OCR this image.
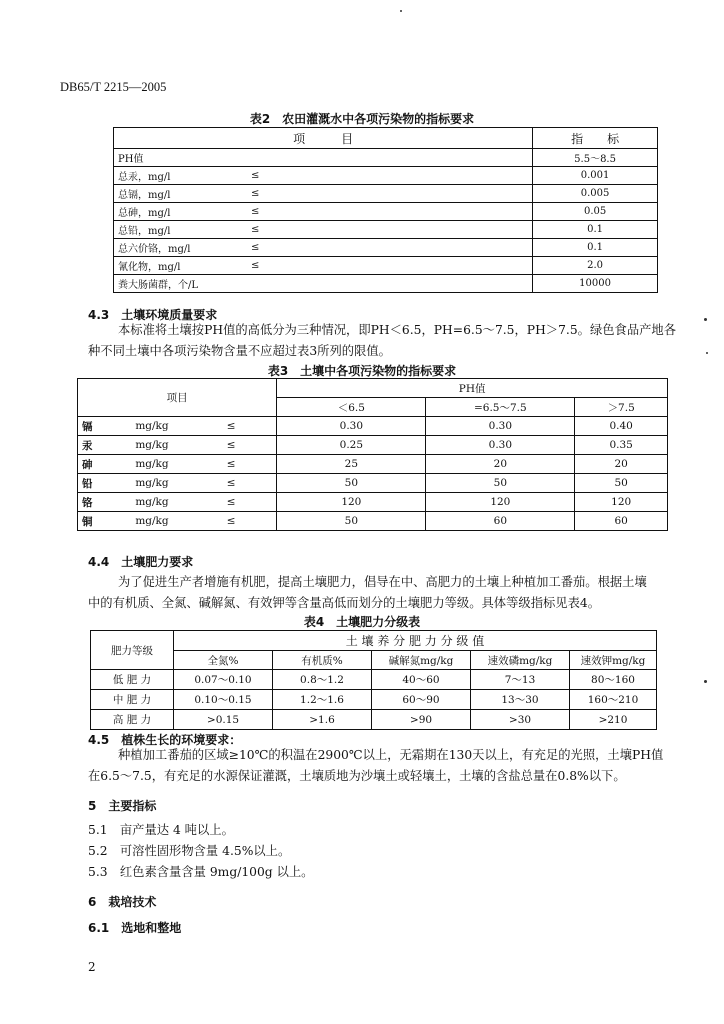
DB65/T 2215—2005
表2　农田灌溉水中各项污染物的指标要求
项　　　目		指　　标
PH值		5.5～8.5
总汞，mg/l	≤	0.001
总镉，mg/l	≤	0.005
总砷，mg/l	≤	0.05
总铅，mg/l	≤	0.1
总六价铬，mg/l	≤	0.1
氰化物，mg/l	≤	2.0
粪大肠菌群，个/L		10000
4.3　土壤环境质量要求
本标准将土壤按PH值的高低分为三种情况，即PH＜6.5，PH=6.5～7.5，PH＞7.5。绿色食品产地各
种不同土壤中各项污染物含量不应超过表3所列的限值。
表3　土壤中各项污染物的指标要求
项目			PH值		
			＜6.5	=6.5～7.5	＞7.5
镉	mg/kg	≤	0.30	0.30	0.40
汞	mg/kg	≤	0.25	0.30	0.35
砷	mg/kg	≤	25	20	20
铅	mg/kg	≤	50	50	50
铬	mg/kg	≤	120	120	120
铜	mg/kg	≤	50	60	60
4.4　土壤肥力要求
为了促进生产者增施有机肥，提高土壤肥力，倡导在中、高肥力的土壤上种植加工番茄。根据土壤
中的有机质、全氮、碱解氮、有效钾等含量高低而划分的土壤肥力等级。具体等级指标见表4。
表4　土壤肥力分级表
肥力等级	土 壤 养 分 肥 力 分 级 值				
	全氮%	有机质%	碱解氮mg/kg	速效磷mg/kg	速效钾mg/kg
低 肥 力	0.07～0.10	0.8～1.2	40～60	7～13	80～160
中 肥 力	0.10～0.15	1.2～1.6	60～90	13～30	160～210
高 肥 力	>0.15	>1.6	>90	>30	>210
4.5　植株生长的环境要求：
种植加工番茄的区域≥10℃的积温在2900℃以上，无霜期在130天以上，有充足的光照，土壤PH值
在6.5～7.5，有充足的水源保证灌溉，土壤质地为沙壤土或轻壤土，土壤的含盐总量在0.8%以下。
5　主要指标
5.1　亩产量达 4 吨以上。
5.2　可溶性固形物含量 4.5%以上。
5.3　红色素含量含量 9mg/100g 以上。
6　栽培技术
6.1　选地和整地
2
